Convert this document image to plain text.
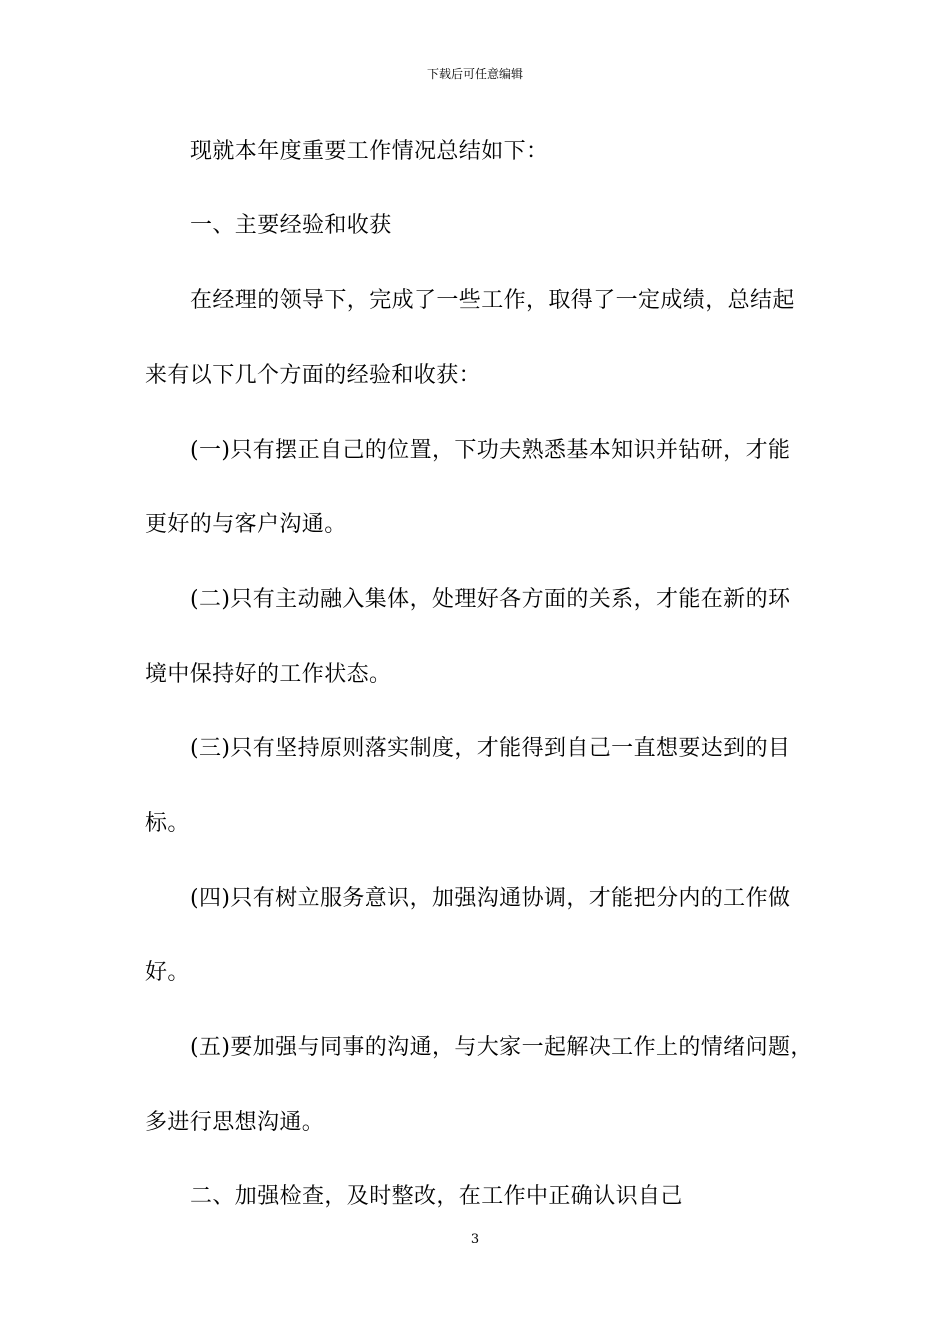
下载后可任意编辑
现就本年度重要工作情况总结如下：
一、主要经验和收获
在经理的领导下，完成了一些工作，取得了一定成绩，总结起
来有以下几个方面的经验和收获：
(一)只有摆正自己的位置，下功夫熟悉基本知识并钻研，才能
更好的与客户沟通。
(二)只有主动融入集体，处理好各方面的关系，才能在新的环
境中保持好的工作状态。
(三)只有坚持原则落实制度，才能得到自己一直想要达到的目
标。
(四)只有树立服务意识，加强沟通协调，才能把分内的工作做
好。
(五)要加强与同事的沟通，与大家一起解决工作上的情绪问题，
多进行思想沟通。
二、加强检查，及时整改，在工作中正确认识自己
3
